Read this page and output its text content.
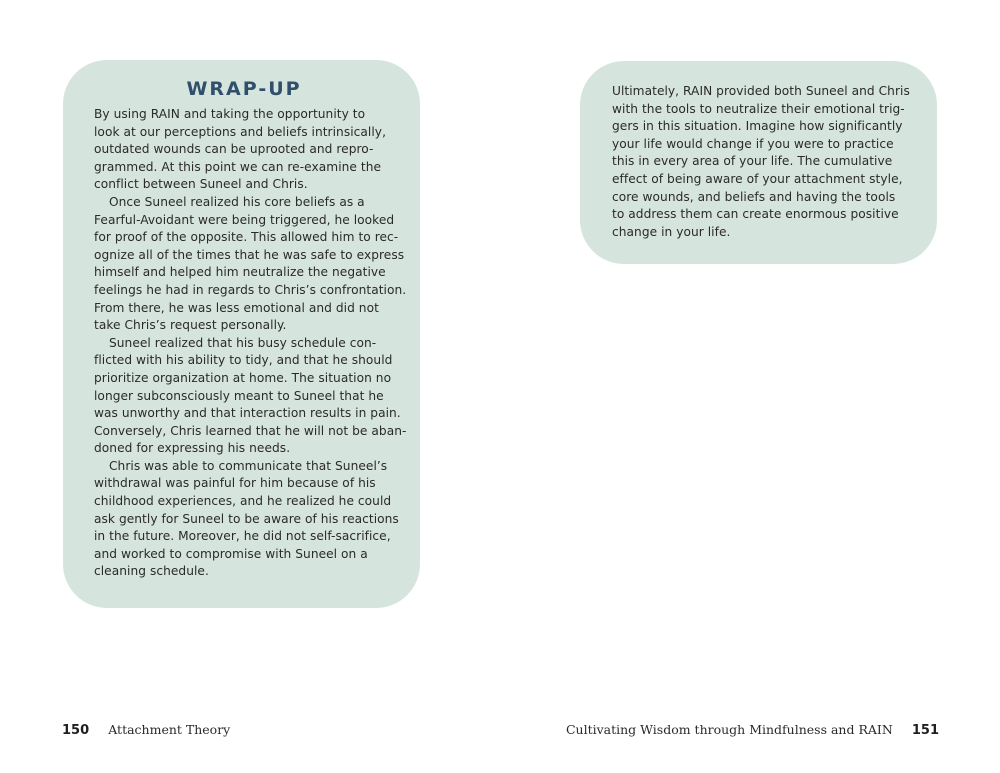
WRAP-UP

By using RAIN and taking the opportunity to
look at our perceptions and beliefs intrinsically,
outdated wounds can be uprooted and repro-
grammed. At this point we can re-examine the
conflict between Suneel and Chris.

Once Suneel realized his core beliefs as a
Fearful-Avoidant were being triggered, he looked
for proof of the opposite. This allowed him to rec-
ognize all of the times that he was safe to express
himself and helped him neutralize the negative
feelings he had in regards to Chris’s confrontation.
From there, he was less emotional and did not
take Chris’s request personally.

Suneel realized that his busy schedule con-
flicted with his ability to tidy, and that he should
prioritize organization at home. The situation no
longer subconsciously meant to Suneel that he
was unworthy and that interaction results in pain.
Conversely, Chris learned that he will not be aban-
doned for expressing his needs.

Chris was able to communicate that Suneel’s
withdrawal was painful for him because of his
childhood experiences, and he realized he could
ask gently for Suneel to be aware of his reactions
in the future. Moreover, he did not self-sacrifice,
and worked to compromise with Suneel on a
cleaning schedule.

Ultimately, RAIN provided both Suneel and Chris
with the tools to neutralize their emotional trig-
gers in this situation. Imagine how significantly
your life would change if you were to practice
this in every area of your life. The cumulative
effect of being aware of your attachment style,
core wounds, and beliefs and having the tools
to address them can create enormous positive
change in your life.

150 Attachment Theory	Cultivating Wisdom through Mindfulness and RAIN 151
